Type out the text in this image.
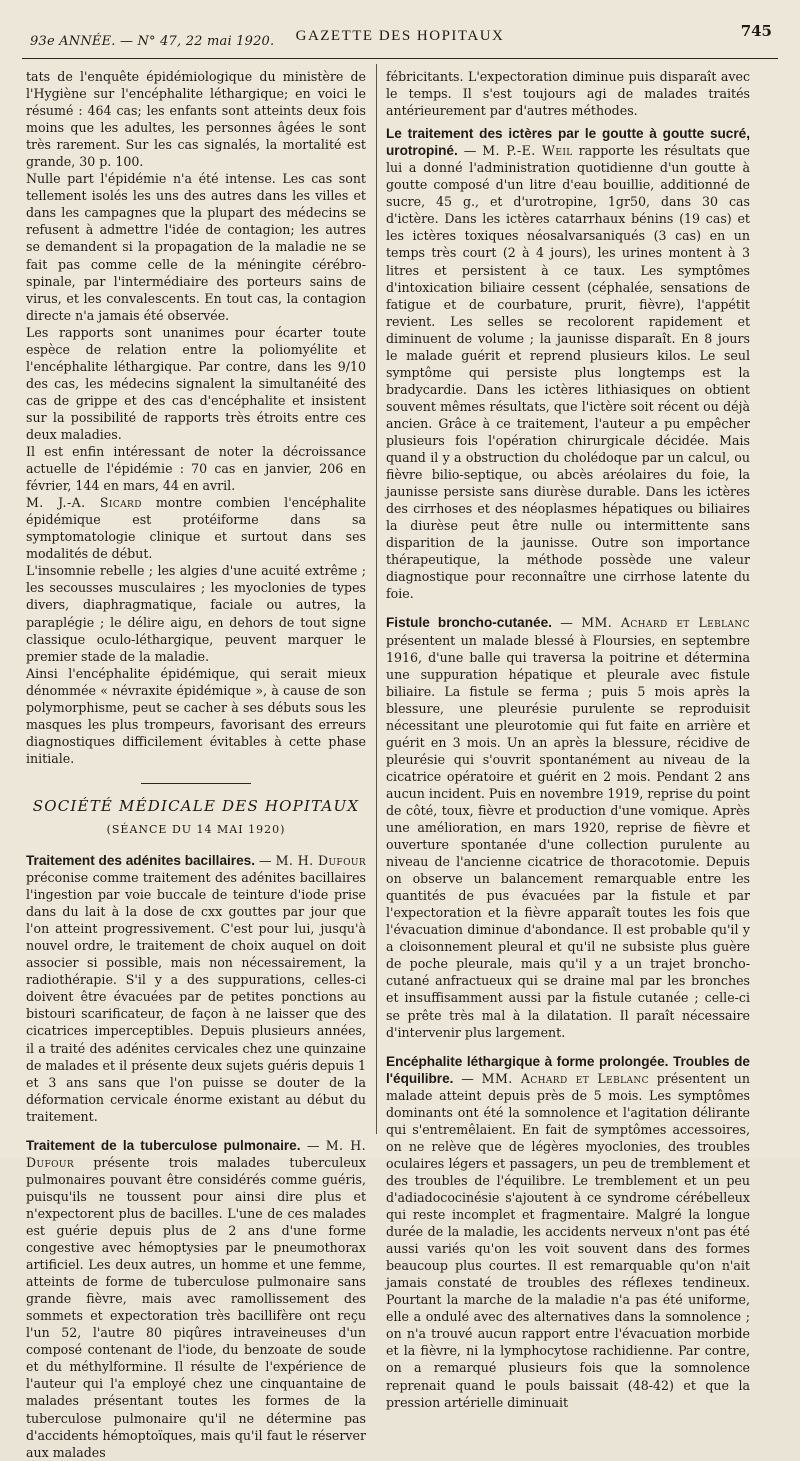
93e ANNÉE. — N° 47, 22 mai 1920.	GAZETTE DES HOPITAUX	745

tats de l'enquête épidémiologique du ministère de l'Hygiène sur l'encéphalite léthargique; en voici le résumé : 464 cas; les enfants sont atteints deux fois moins que les adultes, les personnes âgées le sont très rarement. Sur les cas signalés, la mortalité est grande, 30 p. 100.

Nulle part l'épidémie n'a été intense. Les cas sont tellement isolés les uns des autres dans les villes et dans les campagnes que la plupart des médecins se refusent à admettre l'idée de contagion; les autres se demandent si la propagation de la maladie ne se fait pas comme celle de la méningite cérébro-spinale, par l'intermédiaire des porteurs sains de virus, et les convalescents. En tout cas, la contagion directe n'a jamais été observée.

Les rapports sont unanimes pour écarter toute espèce de relation entre la poliomyélite et l'encéphalite léthargique. Par contre, dans les 9/10 des cas, les médecins signalent la simultanéité des cas de grippe et des cas d'encéphalite et insistent sur la possibilité de rapports très étroits entre ces deux maladies.

Il est enfin intéressant de noter la décroissance actuelle de l'épidémie : 70 cas en janvier, 206 en février, 144 en mars, 44 en avril.

M. J.-A. Sicard montre combien l'encéphalite épidémique est protéiforme dans sa symptomatologie clinique et surtout dans ses modalités de début.

L'insomnie rebelle ; les algies d'une acuité extrême ; les secousses musculaires ; les myoclonies de types divers, diaphragmatique, faciale ou autres, la paraplégie ; le délire aigu, en dehors de tout signe classique oculo-léthargique, peuvent marquer le premier stade de la maladie.

Ainsi l'encéphalite épidémique, qui serait mieux dénommée « névraxite épidémique », à cause de son polymorphisme, peut se cacher à ses débuts sous les masques les plus trompeurs, favorisant des erreurs diagnostiques difficilement évitables à cette phase initiale.

SOCIÉTÉ MÉDICALE DES HOPITAUX
(SÉANCE DU 14 MAI 1920)

Traitement des adénites bacillaires. — M. H. Dufour préconise comme traitement des adénites bacillaires l'ingestion par voie buccale de teinture d'iode prise dans du lait à la dose de cxx gouttes par jour que l'on atteint progressivement. C'est pour lui, jusqu'à nouvel ordre, le traitement de choix auquel on doit associer si possible, mais non nécessairement, la radiothérapie. S'il y a des suppurations, celles-ci doivent être évacuées par de petites ponctions au bistouri scarificateur, de façon à ne laisser que des cicatrices imperceptibles. Depuis plusieurs années, il a traité des adénites cervicales chez une quinzaine de malades et il présente deux sujets guéris depuis 1 et 3 ans sans que l'on puisse se douter de la déformation cervicale énorme existant au début du traitement.

Traitement de la tuberculose pulmonaire. — M. H. Dufour présente trois malades tuberculeux pulmonaires pouvant être considérés comme guéris, puisqu'ils ne toussent pour ainsi dire plus et n'expectorent plus de bacilles. L'une de ces malades est guérie depuis plus de 2 ans d'une forme congestive avec hémoptysies par le pneumothorax artificiel. Les deux autres, un homme et une femme, atteints de forme de tuberculose pulmonaire sans grande fièvre, mais avec ramollissement des sommets et expectoration très bacillifère ont reçu l'un 52, l'autre 80 piqûres intraveineuses d'un composé contenant de l'iode, du benzoate de soude et du méthylformine. Il résulte de l'expérience de l'auteur qui l'a employé chez une cinquantaine de malades présentant toutes les formes de la tuberculose pulmonaire qu'il ne détermine pas d'accidents hémoptoïques, mais qu'il faut le réserver aux malades

fébricitants. L'expectoration diminue puis disparaît avec le temps. Il s'est toujours agi de malades traités antérieurement par d'autres méthodes.

Le traitement des ictères par le goutte à goutte sucré, urotropiné. — M. P.-E. Weil rapporte les résultats que lui a donné l'administration quotidienne d'un goutte à goutte composé d'un litre d'eau bouillie, additionné de sucre, 45 g., et d'urotropine, 1gr50, dans 30 cas d'ictère. Dans les ictères catarrhaux bénins (19 cas) et les ictères toxiques néosalvarsaniqués (3 cas) en un temps très court (2 à 4 jours), les urines montent à 3 litres et persistent à ce taux. Les symptômes d'intoxication biliaire cessent (céphalée, sensations de fatigue et de courbature, prurit, fièvre), l'appétit revient. Les selles se recolorent rapidement et diminuent de volume ; la jaunisse disparaît. En 8 jours le malade guérit et reprend plusieurs kilos. Le seul symptôme qui persiste plus longtemps est la bradycardie. Dans les ictères lithiasiques on obtient souvent mêmes résultats, que l'ictère soit récent ou déjà ancien. Grâce à ce traitement, l'auteur a pu empêcher plusieurs fois l'opération chirurgicale décidée. Mais quand il y a obstruction du cholédoque par un calcul, ou fièvre bilio-septique, ou abcès aréolaires du foie, la jaunisse persiste sans diurèse durable. Dans les ictères des cirrhoses et des néoplasmes hépatiques ou biliaires la diurèse peut être nulle ou intermittente sans disparition de la jaunisse. Outre son importance thérapeutique, la méthode possède une valeur diagnostique pour reconnaître une cirrhose latente du foie.

Fistule broncho-cutanée. — MM. Achard et Leblanc présentent un malade blessé à Floursies, en septembre 1916, d'une balle qui traversa la poitrine et détermina une suppuration hépatique et pleurale avec fistule biliaire. La fistule se ferma ; puis 5 mois après la blessure, une pleurésie purulente se reproduisit nécessitant une pleurotomie qui fut faite en arrière et guérit en 3 mois. Un an après la blessure, récidive de pleurésie qui s'ouvrit spontanément au niveau de la cicatrice opératoire et guérit en 2 mois. Pendant 2 ans aucun incident. Puis en novembre 1919, reprise du point de côté, toux, fièvre et production d'une vomique. Après une amélioration, en mars 1920, reprise de fièvre et ouverture spontanée d'une collection purulente au niveau de l'ancienne cicatrice de thoracotomie. Depuis on observe un balancement remarquable entre les quantités de pus évacuées par la fistule et par l'expectoration et la fièvre apparaît toutes les fois que l'évacuation diminue d'abondance. Il est probable qu'il y a cloisonnement pleural et qu'il ne subsiste plus guère de poche pleurale, mais qu'il y a un trajet broncho-cutané anfractueux qui se draine mal par les bronches et insuffisamment aussi par la fistule cutanée ; celle-ci se prête très mal à la dilatation. Il paraît nécessaire d'intervenir plus largement.

Encéphalite léthargique à forme prolongée. Troubles de l'équilibre. — MM. Achard et Leblanc présentent un malade atteint depuis près de 5 mois. Les symptômes dominants ont été la somnolence et l'agitation délirante qui s'entremêlaient. En fait de symptômes accessoires, on ne relève que de légères myoclonies, des troubles oculaires légers et passagers, un peu de tremblement et des troubles de l'équilibre. Le tremblement et un peu d'adiadococinésie s'ajoutent à ce syndrome cérébelleux qui reste incomplet et fragmentaire. Malgré la longue durée de la maladie, les accidents nerveux n'ont pas été aussi variés qu'on les voit souvent dans des formes beaucoup plus courtes. Il est remarquable qu'on n'ait jamais constaté de troubles des réflexes tendineux. Pourtant la marche de la maladie n'a pas été uniforme, elle a ondulé avec des alternatives dans la somnolence ; on n'a trouvé aucun rapport entre l'évacuation morbide et la fièvre, ni la lymphocytose rachidienne. Par contre, on a remarqué plusieurs fois que la somnolence reprenait quand le pouls baissait (48-42) et que la pression artérielle diminuait
